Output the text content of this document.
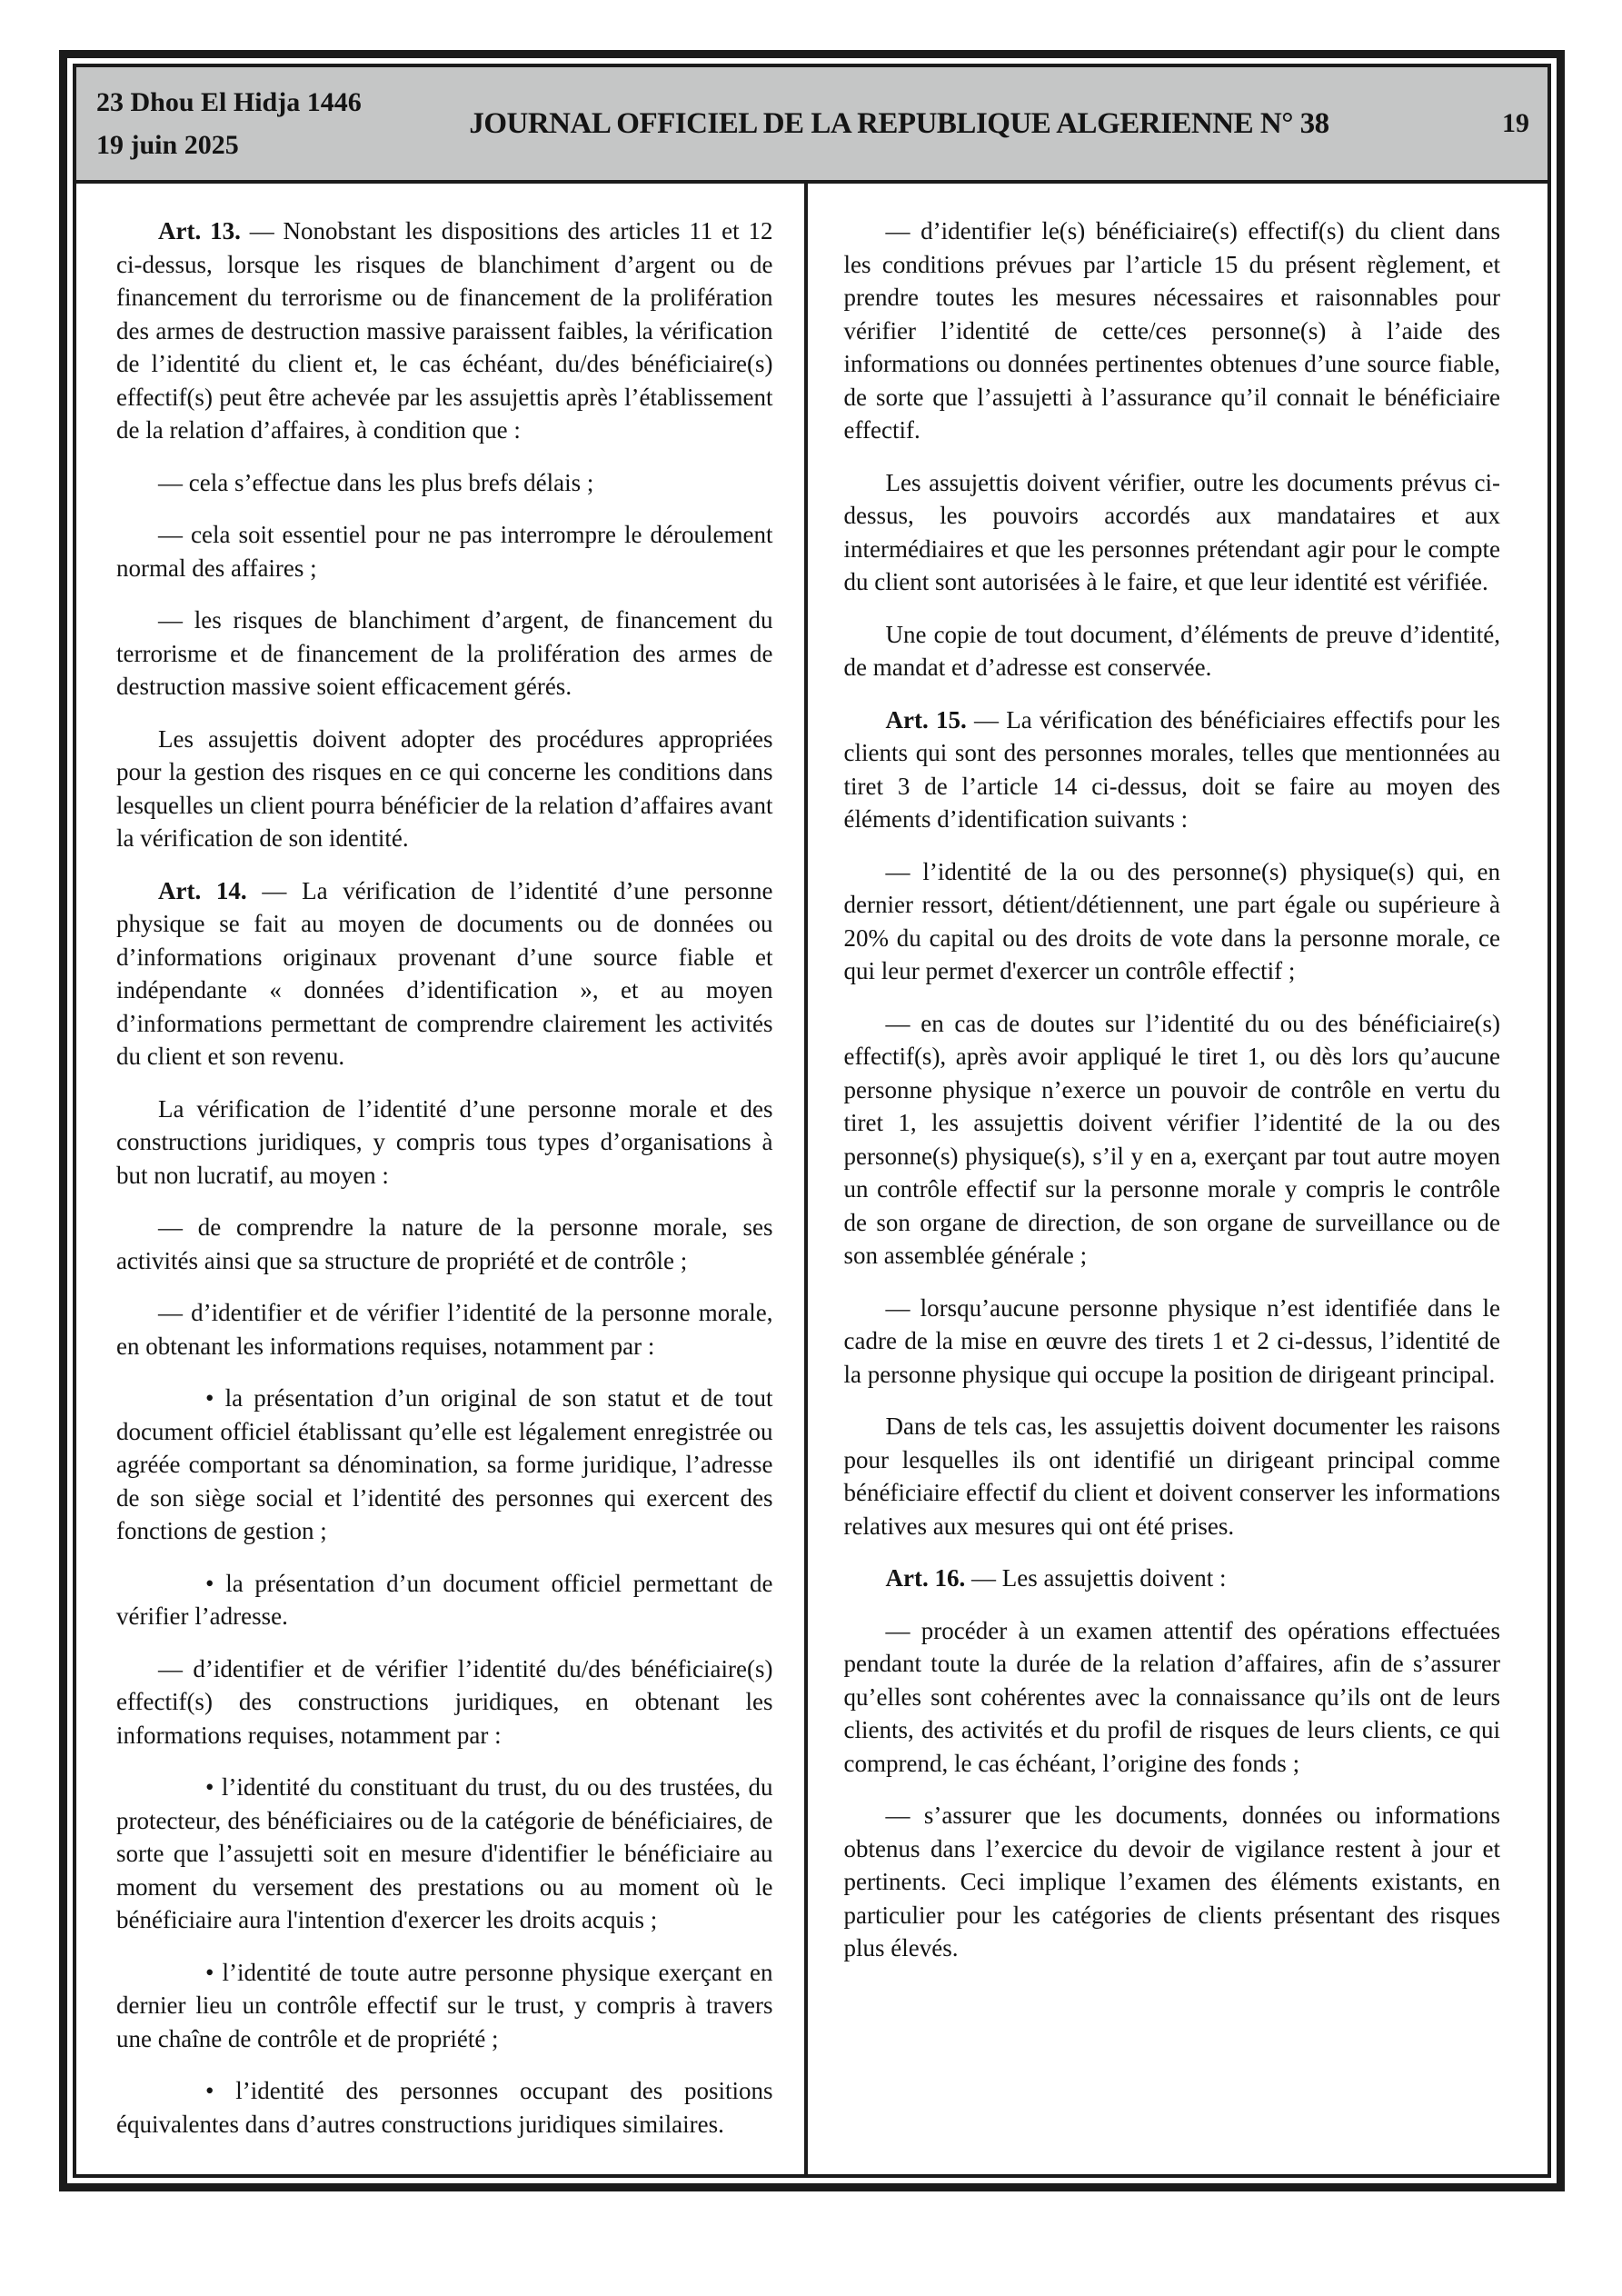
23 Dhou El Hidja 1446
19 juin 2025
JOURNAL OFFICIEL DE LA REPUBLIQUE ALGERIENNE N° 38	19

Art. 13. — Nonobstant les dispositions des articles 11 et 12 ci-dessus, lorsque les risques de blanchiment d’argent ou de financement du terrorisme ou de financement de la prolifération des armes de destruction massive paraissent faibles, la vérification de l’identité du client et, le cas échéant, du/des bénéficiaire(s) effectif(s) peut être achevée par les assujettis après l’établissement de la relation d’affaires, à condition que :

— cela s’effectue dans les plus brefs délais ;

— cela soit essentiel pour ne pas interrompre le déroulement normal des affaires ;

— les risques de blanchiment d’argent, de financement du terrorisme et de financement de la prolifération des armes de destruction massive soient efficacement gérés.

Les assujettis doivent adopter des procédures appropriées pour la gestion des risques en ce qui concerne les conditions dans lesquelles un client pourra bénéficier de la relation d’affaires avant la vérification de son identité.

Art. 14. — La vérification de l’identité d’une personne physique se fait au moyen de documents ou de données ou d’informations originaux provenant d’une source fiable et indépendante « données d’identification », et au moyen d’informations permettant de comprendre clairement les activités du client et son revenu.

La vérification de l’identité d’une personne morale et des constructions juridiques, y compris tous types d’organisations à but non lucratif, au moyen :

— de comprendre la nature de la personne morale, ses activités ainsi que sa structure de propriété et de contrôle ;

— d’identifier et de vérifier l’identité de la personne morale, en obtenant les informations requises, notamment par :

• la présentation d’un original de son statut et de tout document officiel établissant qu’elle est légalement enregistrée ou agréée comportant sa dénomination, sa forme juridique, l’adresse de son siège social et l’identité des personnes qui exercent des fonctions de gestion ;

• la présentation d’un document officiel permettant de vérifier l’adresse.

— d’identifier et de vérifier l’identité du/des bénéficiaire(s) effectif(s) des constructions juridiques, en obtenant les informations requises, notamment par :

• l’identité du constituant du trust, du ou des trustées, du protecteur, des bénéficiaires ou de la catégorie de bénéficiaires, de sorte que l’assujetti soit en mesure d'identifier le bénéficiaire au moment du versement des prestations ou au moment où le bénéficiaire aura l'intention d'exercer les droits acquis ;

• l’identité de toute autre personne physique exerçant en dernier lieu un contrôle effectif sur le trust, y compris à travers une chaîne de contrôle et de propriété ;

• l’identité des personnes occupant des positions équivalentes dans d’autres constructions juridiques similaires.

— d’identifier le(s) bénéficiaire(s) effectif(s) du client dans les conditions prévues par l’article 15 du présent règlement, et prendre toutes les mesures nécessaires et raisonnables pour vérifier l’identité de cette/ces personne(s) à l’aide des informations ou données pertinentes obtenues d’une source fiable, de sorte que l’assujetti à l’assurance qu’il connait le bénéficiaire effectif.

Les assujettis doivent vérifier, outre les documents prévus ci-dessus, les pouvoirs accordés aux mandataires et aux intermédiaires et que les personnes prétendant agir pour le compte du client sont autorisées à le faire, et que leur identité est vérifiée.

Une copie de tout document, d’éléments de preuve d’identité, de mandat et d’adresse est conservée.

Art. 15. — La vérification des bénéficiaires effectifs pour les clients qui sont des personnes morales, telles que mentionnées au tiret 3 de l’article 14 ci-dessus, doit se faire au moyen des éléments d’identification suivants :

— l’identité de la ou des personne(s) physique(s) qui, en dernier ressort, détient/détiennent, une part égale ou supérieure à 20% du capital ou des droits de vote dans la personne morale, ce qui leur permet d'exercer un contrôle effectif ;

— en cas de doutes sur l’identité du ou des bénéficiaire(s) effectif(s), après avoir appliqué le tiret 1, ou dès lors qu’aucune personne physique n’exerce un pouvoir de contrôle en vertu du tiret 1, les assujettis doivent vérifier l’identité de la ou des personne(s) physique(s), s’il y en a, exerçant par tout autre moyen un contrôle effectif sur la personne morale y compris le contrôle de son organe de direction, de son organe de surveillance ou de son assemblée générale ;

— lorsqu’aucune personne physique n’est identifiée dans le cadre de la mise en œuvre des tirets 1 et 2 ci-dessus, l’identité de la personne physique qui occupe la position de dirigeant principal.

Dans de tels cas, les assujettis doivent documenter les raisons pour lesquelles ils ont identifié un dirigeant principal comme bénéficiaire effectif du client et doivent conserver les informations relatives aux mesures qui ont été prises.

Art. 16. — Les assujettis doivent :

— procéder à un examen attentif des opérations effectuées pendant toute la durée de la relation d’affaires, afin de s’assurer qu’elles sont cohérentes avec la connaissance qu’ils ont de leurs clients, des activités et du profil de risques de leurs clients, ce qui comprend, le cas échéant, l’origine des fonds ;

— s’assurer que les documents, données ou informations obtenus dans l’exercice du devoir de vigilance restent à jour et pertinents. Ceci implique l’examen des éléments existants, en particulier pour les catégories de clients présentant des risques plus élevés.
